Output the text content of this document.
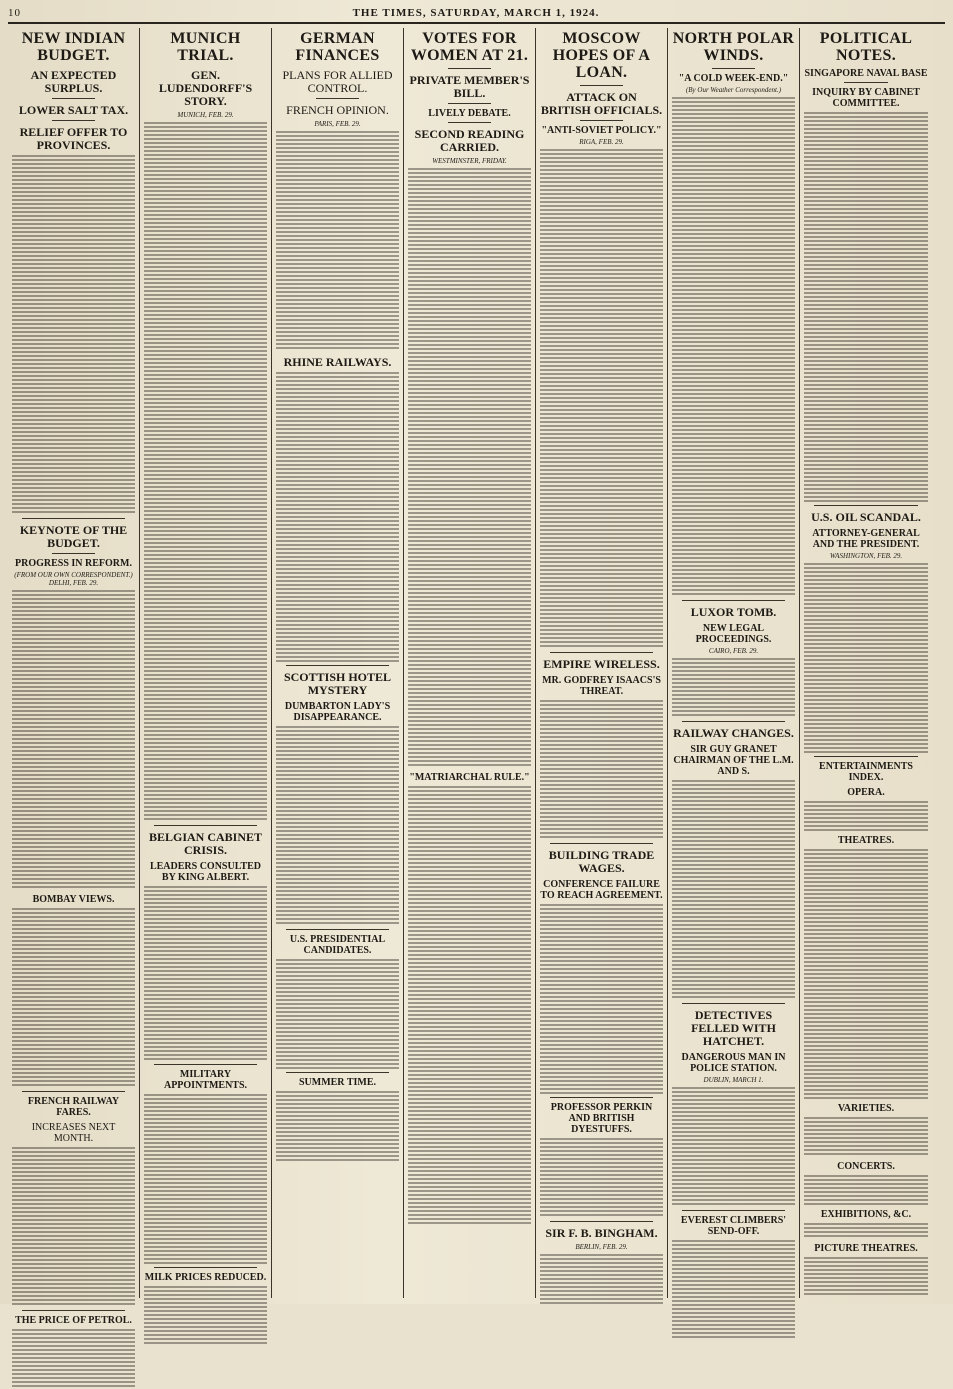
10	THE TIMES, SATURDAY, MARCH 1, 1924.
NEW INDIAN BUDGET.
AN EXPECTED SURPLUS.
LOWER SALT TAX.
RELIEF OFFER TO PROVINCES.
KEYNOTE OF THE BUDGET.
PROGRESS IN REFORM.
(FROM OUR OWN CORRESPONDENT.) DELHI, FEB. 29.
BOMBAY VIEWS.
FRENCH RAILWAY FARES.
INCREASES NEXT MONTH.
THE PRICE OF PETROL.
MUNICH TRIAL.
GEN. LUDENDORFF'S STORY.
MUNICH, FEB. 29.
BELGIAN CABINET CRISIS.
LEADERS CONSULTED BY KING ALBERT.
MILITARY APPOINTMENTS.
MILK PRICES REDUCED.
GERMAN FINANCES
PLANS FOR ALLIED CONTROL.
FRENCH OPINION.
PARIS, FEB. 29.
RHINE RAILWAYS.
SCOTTISH HOTEL MYSTERY
DUMBARTON LADY'S DISAPPEARANCE.
U.S. PRESIDENTIAL CANDIDATES.
SUMMER TIME.
VOTES FOR WOMEN AT 21.
PRIVATE MEMBER'S BILL.
LIVELY DEBATE.
SECOND READING CARRIED.
WESTMINSTER, FRIDAY.
"MATRIARCHAL RULE."
MOSCOW HOPES OF A LOAN.
ATTACK ON BRITISH OFFICIALS.
"ANTI-SOVIET POLICY."
RIGA, FEB. 29.
EMPIRE WIRELESS.
MR. GODFREY ISAACS'S THREAT.
BUILDING TRADE WAGES.
CONFERENCE FAILURE TO REACH AGREEMENT.
PROFESSOR PERKIN AND BRITISH DYESTUFFS.
SIR F. B. BINGHAM.
BERLIN, FEB. 29.
NORTH POLAR WINDS.
"A COLD WEEK-END."
(By Our Weather Correspondent.)
LUXOR TOMB.
NEW LEGAL PROCEEDINGS.
CAIRO, FEB. 29.
RAILWAY CHANGES.
SIR GUY GRANET CHAIRMAN OF THE L.M. AND S.
DETECTIVES FELLED WITH HATCHET.
DANGEROUS MAN IN POLICE STATION.
DUBLIN, MARCH 1.
EVEREST CLIMBERS' SEND-OFF.
POLITICAL NOTES.
SINGAPORE NAVAL BASE
INQUIRY BY CABINET COMMITTEE.
U.S. OIL SCANDAL.
ATTORNEY-GENERAL AND THE PRESIDENT.
WASHINGTON, FEB. 29.
ENTERTAINMENTS INDEX.
OPERA.
THEATRES.
VARIETIES.
CONCERTS.
EXHIBITIONS, &C.
PICTURE THEATRES.
